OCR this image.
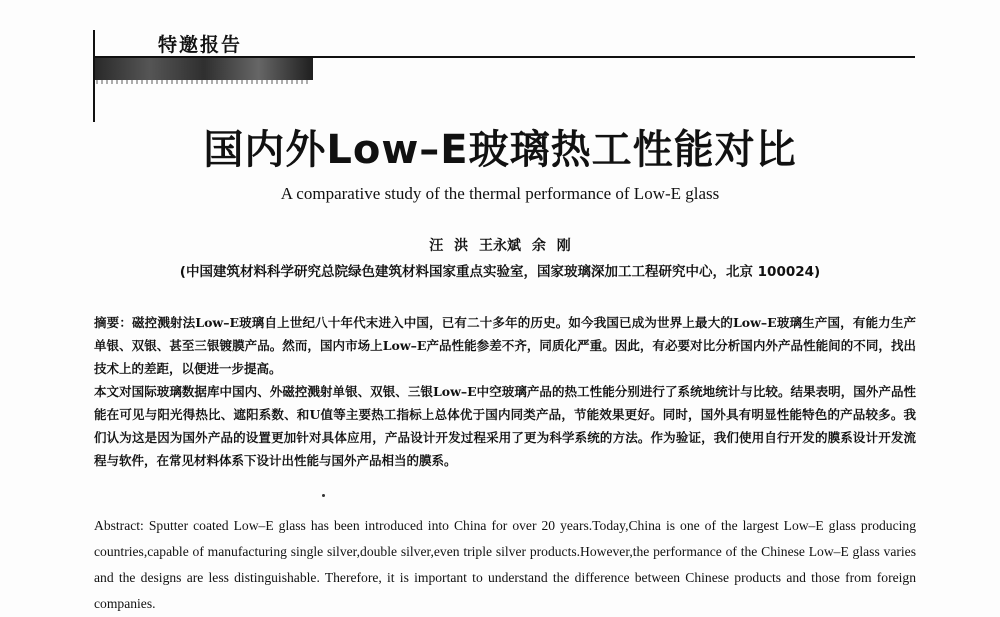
特邀报告
国内外Low–E玻璃热工性能对比
A comparative study of the thermal performance of Low-E glass
汪 洪 王永斌 余 刚
(中国建筑材料科学研究总院绿色建筑材料国家重点实验室，国家玻璃深加工工程研究中心，北京 100024)

摘要：磁控溅射法Low–E玻璃自上世纪八十年代末进入中国，已有二十多年的历史。如今我国已成为世界上最大的Low–E玻璃生产国，有能力生产单银、双银、甚至三银镀膜产品。然而，国内市场上Low–E产品性能参差不齐，同质化严重。因此，有必要对比分析国内外产品性能间的不同，找出技术上的差距，以便进一步提高。

本文对国际玻璃数据库中国内、外磁控溅射单银、双银、三银Low–E中空玻璃产品的热工性能分别进行了系统地统计与比较。结果表明，国外产品性能在可见与阳光得热比、遮阳系数、和U值等主要热工指标上总体优于国内同类产品，节能效果更好。同时，国外具有明显性能特色的产品较多。我们认为这是因为国外产品的设置更加针对具体应用，产品设计开发过程采用了更为科学系统的方法。作为验证，我们使用自行开发的膜系设计开发流程与软件，在常见材料体系下设计出性能与国外产品相当的膜系。

Abstract: Sputter coated Low–E glass has been introduced into China for over 20 years.Today,China is one of the largest Low–E glass producing countries,capable of manufacturing single silver,double silver,even triple silver products.However,the performance of the Chinese Low–E glass varies and the designs are less distinguishable. Therefore, it is important to understand the difference between Chinese products and those from foreign companies.
